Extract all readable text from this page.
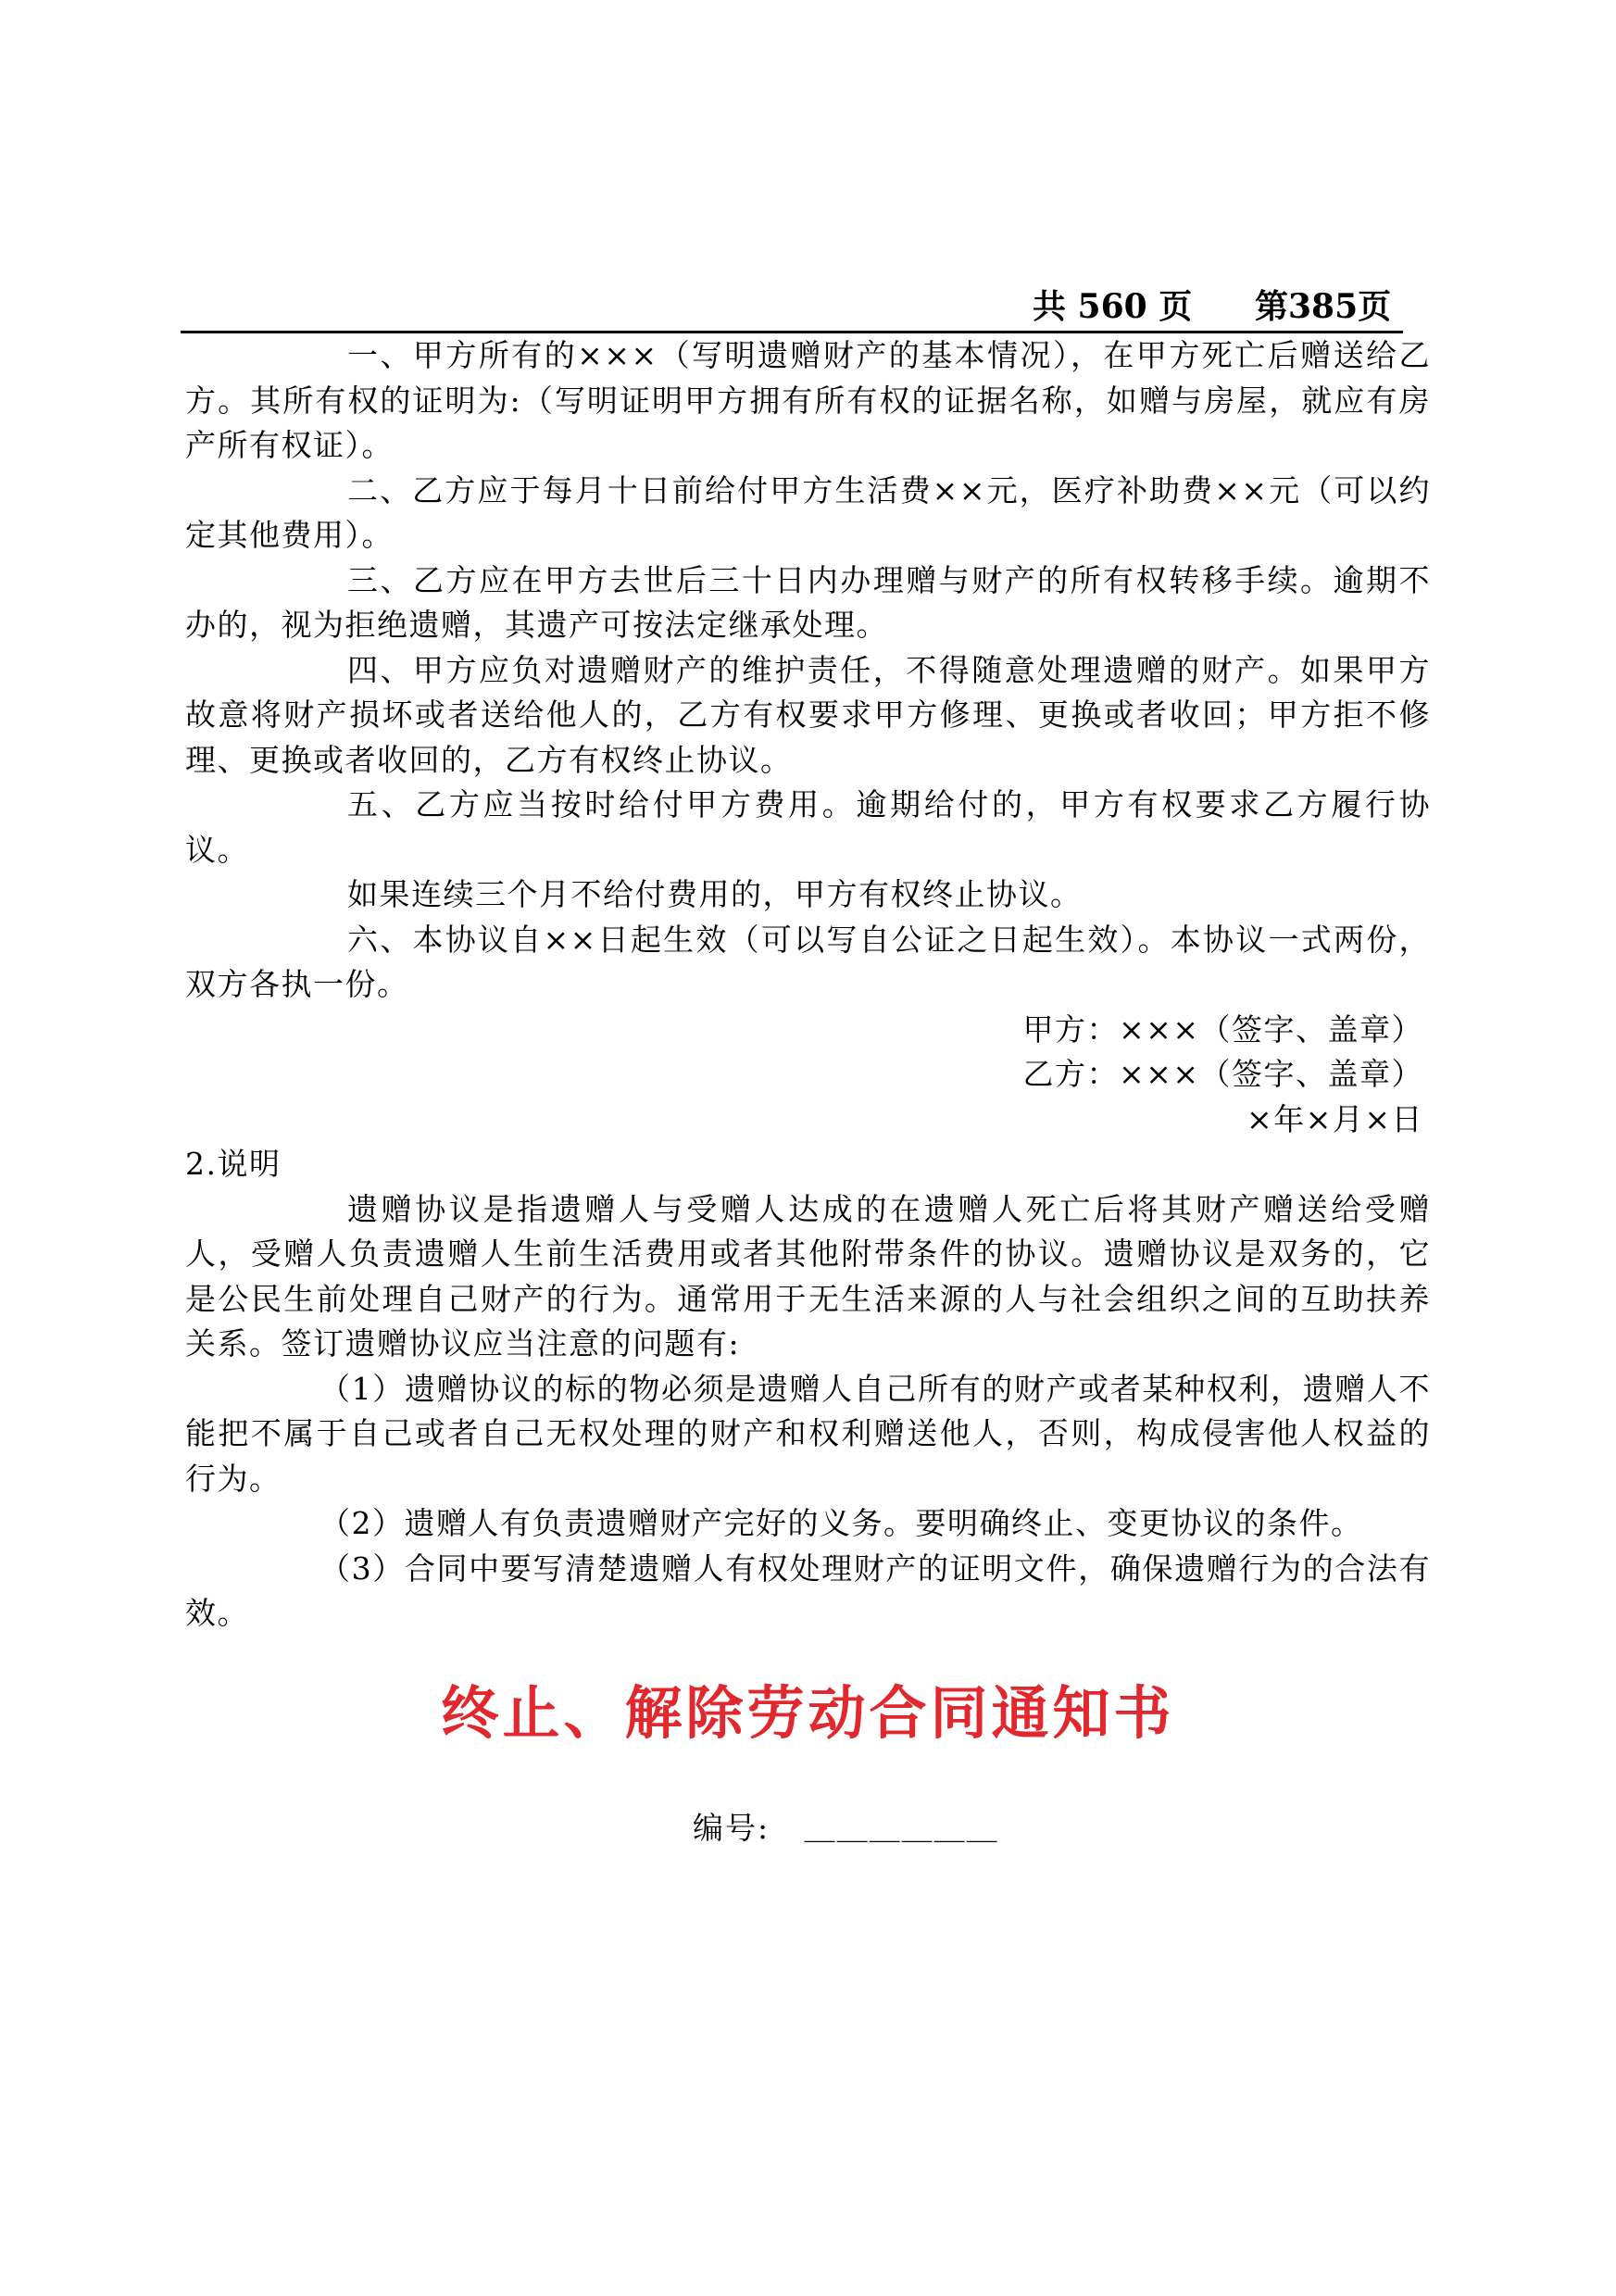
共 560 页 第385页

一、甲方所有的×××（写明遗赠财产的基本情况），在甲方死亡后赠送给乙方。其所有权的证明为:（写明证明甲方拥有所有权的证据名称，如赠与房屋，就应有房产所有权证）。

二、乙方应于每月十日前给付甲方生活费××元，医疗补助费××元（可以约定其他费用）。

三、乙方应在甲方去世后三十日内办理赠与财产的所有权转移手续。逾期不办的，视为拒绝遗赠，其遗产可按法定继承处理。

四、甲方应负对遗赠财产的维护责任，不得随意处理遗赠的财产。如果甲方故意将财产损坏或者送给他人的，乙方有权要求甲方修理、更换或者收回；甲方拒不修理、更换或者收回的，乙方有权终止协议。

五、乙方应当按时给付甲方费用。逾期给付的，甲方有权要求乙方履行协议。

如果连续三个月不给付费用的，甲方有权终止协议。

六、本协议自××日起生效（可以写自公证之日起生效）。本协议一式两份，双方各执一份。

甲方：×××（签字、盖章）

乙方：×××（签字、盖章）

×年×月×日

2.说明

遗赠协议是指遗赠人与受赠人达成的在遗赠人死亡后将其财产赠送给受赠人，受赠人负责遗赠人生前生活费用或者其他附带条件的协议。遗赠协议是双务的，它是公民生前处理自己财产的行为。通常用于无生活来源的人与社会组织之间的互助扶养关系。签订遗赠协议应当注意的问题有:

（1）遗赠协议的标的物必须是遗赠人自己所有的财产或者某种权利，遗赠人不能把不属于自己或者自己无权处理的财产和权利赠送他人，否则，构成侵害他人权益的行为。

（2）遗赠人有负责遗赠财产完好的义务。要明确终止、变更协议的条件。

（3）合同中要写清楚遗赠人有权处理财产的证明文件，确保遗赠行为的合法有效。

终止、解除劳动合同通知书
编号: ＿＿＿＿＿＿
